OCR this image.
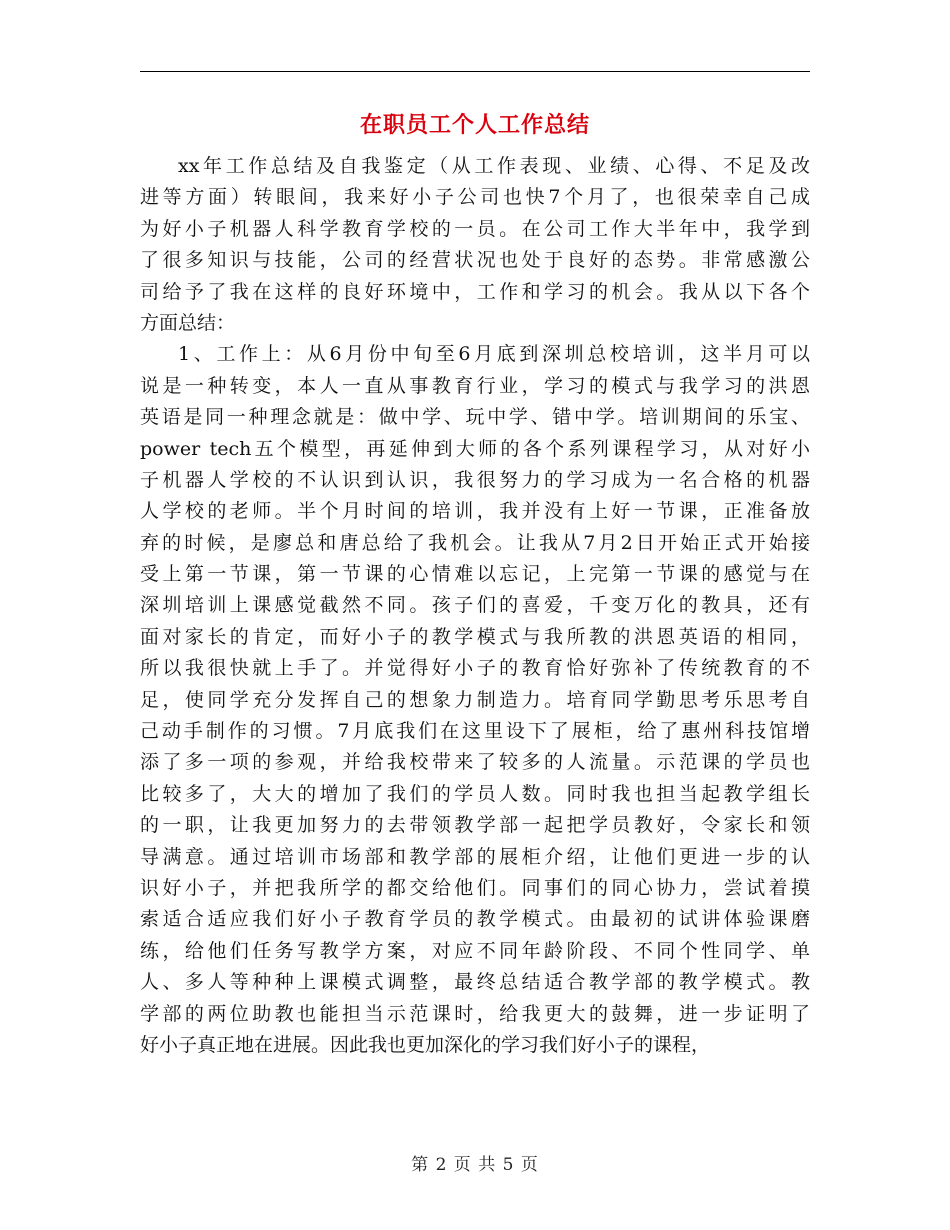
在职员工个人工作总结
xx年工作总结及自我鉴定（从工作表现、业绩、心得、不足及改
进等方面）转眼间，我来好小子公司也快7个月了，也很荣幸自己成
为好小子机器人科学教育学校的一员。在公司工作大半年中，我学到
了很多知识与技能，公司的经营状况也处于良好的态势。非常感激公
司给予了我在这样的良好环境中，工作和学习的机会。我从以下各个
方面总结：
1、工作上：从6月份中旬至6月底到深圳总校培训，这半月可以
说是一种转变，本人一直从事教育行业，学习的模式与我学习的洪恩
英语是同一种理念就是：做中学、玩中学、错中学。培训期间的乐宝、
power tech五个模型，再延伸到大师的各个系列课程学习，从对好小
子机器人学校的不认识到认识，我很努力的学习成为一名合格的机器
人学校的老师。半个月时间的培训，我并没有上好一节课，正准备放
弃的时候，是廖总和唐总给了我机会。让我从7月2日开始正式开始接
受上第一节课，第一节课的心情难以忘记，上完第一节课的感觉与在
深圳培训上课感觉截然不同。孩子们的喜爱，千变万化的教具，还有
面对家长的肯定，而好小子的教学模式与我所教的洪恩英语的相同，
所以我很快就上手了。并觉得好小子的教育恰好弥补了传统教育的不
足，使同学充分发挥自己的想象力制造力。培育同学勤思考乐思考自
己动手制作的习惯。7月底我们在这里设下了展柜，给了惠州科技馆增
添了多一项的参观，并给我校带来了较多的人流量。示范课的学员也
比较多了，大大的增加了我们的学员人数。同时我也担当起教学组长
的一职，让我更加努力的去带领教学部一起把学员教好，令家长和领
导满意。通过培训市场部和教学部的展柜介绍，让他们更进一步的认
识好小子，并把我所学的都交给他们。同事们的同心协力，尝试着摸
索适合适应我们好小子教育学员的教学模式。由最初的试讲体验课磨
练，给他们任务写教学方案，对应不同年龄阶段、不同个性同学、单
人、多人等种种上课模式调整，最终总结适合教学部的教学模式。教
学部的两位助教也能担当示范课时，给我更大的鼓舞，进一步证明了
好小子真正地在进展。因此我也更加深化的学习我们好小子的课程，
第 2 页 共 5 页
